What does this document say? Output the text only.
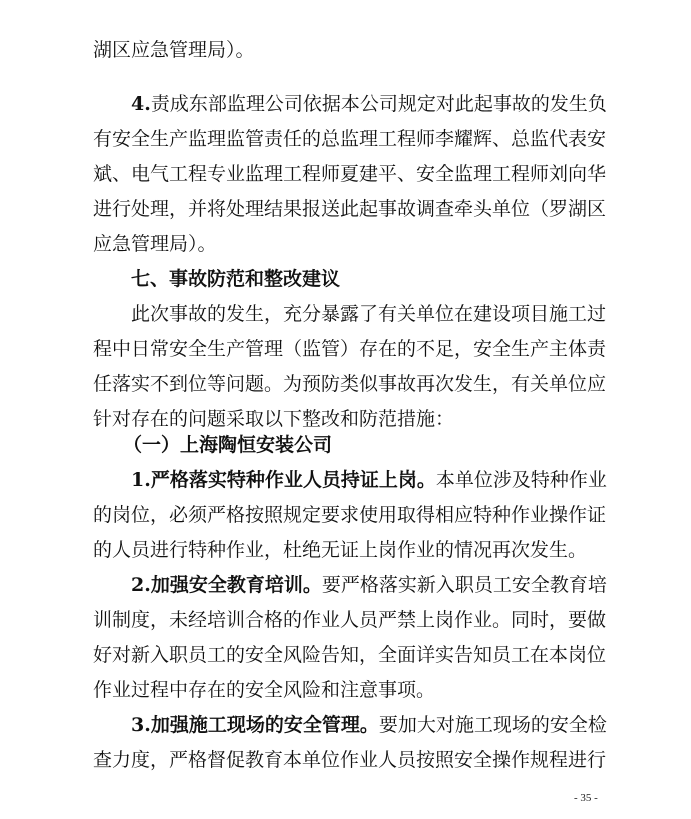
湖区应急管理局）。
4.责成东部监理公司依据本公司规定对此起事故的发生负
有安全生产监理监管责任的总监理工程师李耀辉、总监代表安
斌、电气工程专业监理工程师夏建平、安全监理工程师刘向华
进行处理，并将处理结果报送此起事故调查牵头单位（罗湖区
应急管理局）。
七、事故防范和整改建议
此次事故的发生，充分暴露了有关单位在建设项目施工过
程中日常安全生产管理（监管）存在的不足，安全生产主体责
任落实不到位等问题。为预防类似事故再次发生，有关单位应
针对存在的问题采取以下整改和防范措施：
（一）上海陶恒安装公司
1.严格落实特种作业人员持证上岗。本单位涉及特种作业
的岗位，必须严格按照规定要求使用取得相应特种作业操作证
的人员进行特种作业，杜绝无证上岗作业的情况再次发生。
2.加强安全教育培训。要严格落实新入职员工安全教育培
训制度，未经培训合格的作业人员严禁上岗作业。同时，要做
好对新入职员工的安全风险告知，全面详实告知员工在本岗位
作业过程中存在的安全风险和注意事项。
3.加强施工现场的安全管理。要加大对施工现场的安全检
查力度，严格督促教育本单位作业人员按照安全操作规程进行
- 35 -
